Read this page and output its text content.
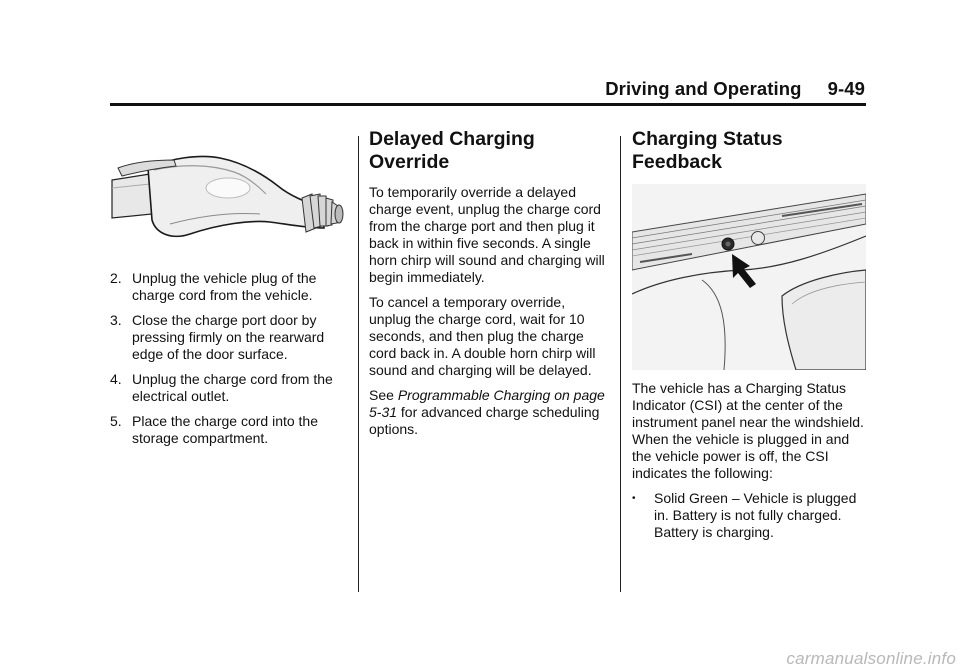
Driving and Operating 9-49
2. Unplug the vehicle plug of the charge cord from the vehicle.
3. Close the charge port door by pressing firmly on the rearward edge of the door surface.
4. Unplug the charge cord from the electrical outlet.
5. Place the charge cord into the storage compartment.
Delayed Charging Override

To temporarily override a delayed charge event, unplug the charge cord from the charge port and then plug it back in within five seconds. A single horn chirp will sound and charging will begin immediately.

To cancel a temporary override, unplug the charge cord, wait for 10 seconds, and then plug the charge cord back in. A double horn chirp will sound and charging will be delayed.

See Programmable Charging on page 5-31 for advanced charge scheduling options.

Charging Status Feedback

The vehicle has a Charging Status Indicator (CSI) at the center of the instrument panel near the windshield. When the vehicle is plugged in and the vehicle power is off, the CSI indicates the following:

•	Solid Green – Vehicle is plugged in. Battery is not fully charged. Battery is charging.
carmanualsonline.info
